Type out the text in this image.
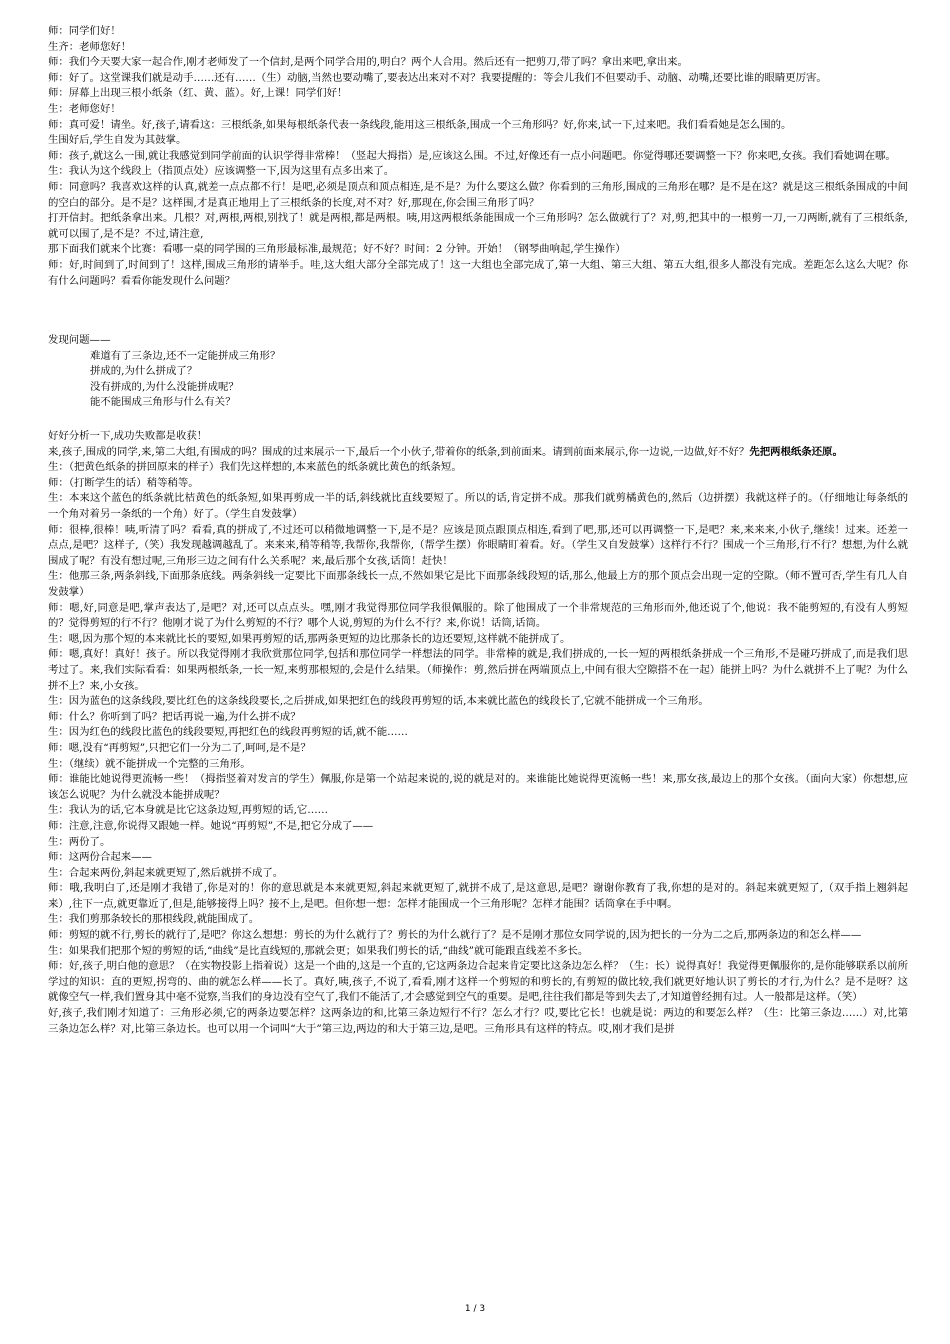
师：同学们好！

生齐：老师您好！

师：我们今天要大家一起合作,刚才老师发了一个信封,是两个同学合用的,明白？两个人合用。然后还有一把剪刀,带了吗？拿出来吧,拿出来。

师：好了。这堂课我们就是动手……还有……（生）动脑,当然也要动嘴了,要表达出来对不对？我要提醒的：等会儿我们不但要动手、动脑、动嘴,还要比谁的眼睛更厉害。

师：屏幕上出现三根小纸条（红、黄、蓝）。好,上课！同学们好！

生：老师您好！

师：真可爱！请坐。好,孩子,请看这：三根纸条,如果每根纸条代表一条线段,能用这三根纸条,围成一个三角形吗？好,你来,试一下,过来吧。我们看看她是怎么围的。

生围好后,学生自发为其鼓掌。

师：孩子,就这么一围,就让我感觉到同学前面的认识学得非常棒！（竖起大拇指）是,应该这么围。不过,好像还有一点小问题吧。你觉得哪还要调整一下？你来吧,女孩。我们看她调在哪。

生：我认为这个线段上（指顶点处）应该调整一下,因为这里有点多出来了。

师：同意吗？我喜欢这样的认真,就差一点点都不行！是吧,必须是顶点和顶点相连,是不是？为什么要这么做？你看到的三角形,围成的三角形在哪？是不是在这？就是这三根纸条围成的中间的空白的部分。是不是？这样围,才是真正地用上了三根纸条的长度,对不对？好,那现在,你会围三角形了吗？

打开信封。把纸条拿出来。几根？对,两根,两根,别找了！就是两根,都是两根。咦,用这两根纸条能围成一个三角形吗？怎么做就行了？对,剪,把其中的一根剪一刀,一刀两断,就有了三根纸条,就可以围了,是不是？不过,请注意,

那下面我们就来个比赛：看哪一桌的同学围的三角形最标准,最规范；好不好？时间：2 分钟。开始！（钢琴曲响起,学生操作）

师：好,时间到了,时间到了！这样,围成三角形的请举手。哇,这大组大部分全部完成了！这一大组也全部完成了,第一大组、第三大组、第五大组,很多人都没有完成。差距怎么这么大呢？你有什么问题吗？看看你能发现什么问题？

发现问题——

难道有了三条边,还不一定能拼成三角形？

拼成的,为什么拼成了？

没有拼成的,为什么没能拼成呢？

能不能围成三角形与什么有关？

好好分析一下,成功失败都是收获！

来,孩子,围成的同学,来,第二大组,有围成的吗？围成的过来展示一下,最后一个小伙子,带着你的纸条,到前面来。请到前面来展示,你一边说,一边做,好不好？先把两根纸条还原。

生：（把黄色纸条的拼回原来的样子）我们先这样想的,本来蓝色的纸条就比黄色的纸条短。

师：（打断学生的话）稍等稍等。

生：本来这个蓝色的纸条就比桔黄色的纸条短,如果再剪成一半的话,斜线就比直线要短了。所以的话,肯定拼不成。那我们就剪橘黄色的,然后（边拼摆）我就这样子的。（仔细地让每条纸的一个角对着另一条纸的一个角）好了。（学生自发鼓掌）

师：很棒,很棒！咦,听清了吗？看看,真的拼成了,不过还可以稍微地调整一下,是不是？应该是顶点跟顶点相连,看到了吧,那,还可以再调整一下,是吧？来,来来来,小伙子,继续！过来。还差一点点,是吧？这样子,（笑）我发现越调越乱了。来来来,稍等稍等,我帮你,我帮你,（帮学生摆）你眼睛盯着看。好。（学生又自发鼓掌）这样行不行？围成一个三角形,行不行？想想,为什么就围成了呢？有没有想过呢,三角形三边之间有什么关系呢？来,最后那个女孩,话筒！赶快！

生：他那三条,两条斜线,下面那条底线。两条斜线一定要比下面那条线长一点,不然如果它是比下面那条线段短的话,那么,他最上方的那个顶点会出现一定的空隙。（师不置可否,学生有几人自发鼓掌）

师：嗯,好,同意是吧,掌声表达了,是吧？对,还可以点点头。嘿,刚才我觉得那位同学我很佩服的。除了他围成了一个非常规范的三角形而外,他还说了个,他说：我不能剪短的,有没有人剪短的？觉得剪短的行不行？他刚才说了为什么剪短的不行？哪个人说,剪短的为什么不行？来,你说！话筒,话筒。

生：嗯,因为那个短的本来就比长的要短,如果再剪短的话,那两条更短的边比那条长的边还要短,这样就不能拼成了。

师：嗯,真好！真好！孩子。所以我觉得刚才我欣赏那位同学,包括和那位同学一样想法的同学。非常棒的就是,我们拼成的,一长一短的两根纸条拼成一个三角形,不是碰巧拼成了,而是我们思考过了。来,我们实际看看：如果两根纸条,一长一短,来剪那根短的,会是什么结果。（师操作：剪,然后拼在两端顶点上,中间有很大空隙搭不在一起）能拼上吗？为什么就拼不上了呢？为什么拼不上？来,小女孩。

生：因为蓝色的这条线段,要比红色的这条线段要长,之后拼成,如果把红色的线段再剪短的话,本来就比蓝色的线段长了,它就不能拼成一个三角形。

师：什么？你听到了吗？把话再说一遍,为什么拼不成？

生：因为红色的线段比蓝色的线段要短,再把红色的线段再剪短的话,就不能……

师：嗯,没有“再剪短”,只把它们一分为二了,呵呵,是不是？

生：（继续）就不能拼成一个完整的三角形。

师：谁能比她说得更流畅一些！（拇指竖着对发言的学生）佩服,你是第一个站起来说的,说的就是对的。来谁能比她说得更流畅一些！来,那女孩,最边上的那个女孩。（面向大家）你想想,应该怎么说呢？为什么就没本能拼成呢？

生：我认为的话,它本身就是比它这条边短,再剪短的话,它……

师：注意,注意,你说得又跟她一样。她说“再剪短”,不是,把它分成了——

生：两份了。

师：这两份合起来——

生：合起来两份,斜起来就更短了,然后就拼不成了。

师：哦,我明白了,还是刚才我错了,你是对的！你的意思就是本来就更短,斜起来就更短了,就拼不成了,是这意思,是吧？谢谢你教育了我,你想的是对的。斜起来就更短了,（双手指上翘斜起来）,往下一点,就更靠近了,但是,能够接得上吗？接不上,是吧。但你想一想：怎样才能围成一个三角形呢？怎样才能围？话筒拿在手中啊。

生：我们剪那条较长的那根线段,就能围成了。

师：剪短的就不行,剪长的就行了,是吧？你这么想想：剪长的为什么就行了？剪长的为什么就行了？是不是刚才那位女同学说的,因为把长的一分为二之后,那两条边的和怎么样——

生：如果我们把那个短的剪短的话,“曲线”是比直线短的,那就会更；如果我们剪长的话,“曲线”就可能跟直线差不多长。

师：好,孩子,明白他的意思？（在实物投影上指着说）这是一个曲的,这是一个直的,它这两条边合起来肯定要比这条边怎么样？（生：长）说得真好！我觉得更佩服你的,是你能够联系以前所学过的知识：直的更短,拐弯的、曲的就怎么样——长了。真好,咦,孩子,不说了,看看,刚才这样一个剪短的和剪长的,有剪短的做比较,我们就更好地认识了剪长的才行,为什么？是不是呀？这就像空气一样,我们置身其中毫不觉察,当我们的身边没有空气了,我们不能活了,才会感觉到空气的重要。是吧,往往我们都是等到失去了,才知道曾经拥有过。人一般都是这样。（笑）

好,孩子,我们刚才知道了：三角形必须,它的两条边要怎样？这两条边的和,比第三条边短行不行？怎么才行？哎,要比它长！也就是说：两边的和要怎么样？（生：比第三条边……）对,比第三条边怎么样？对,比第三条边长。也可以用一个词叫“大于”第三边,两边的和大于第三边,是吧。三角形具有这样的特点。哎,刚才我们是拼

1 / 3
